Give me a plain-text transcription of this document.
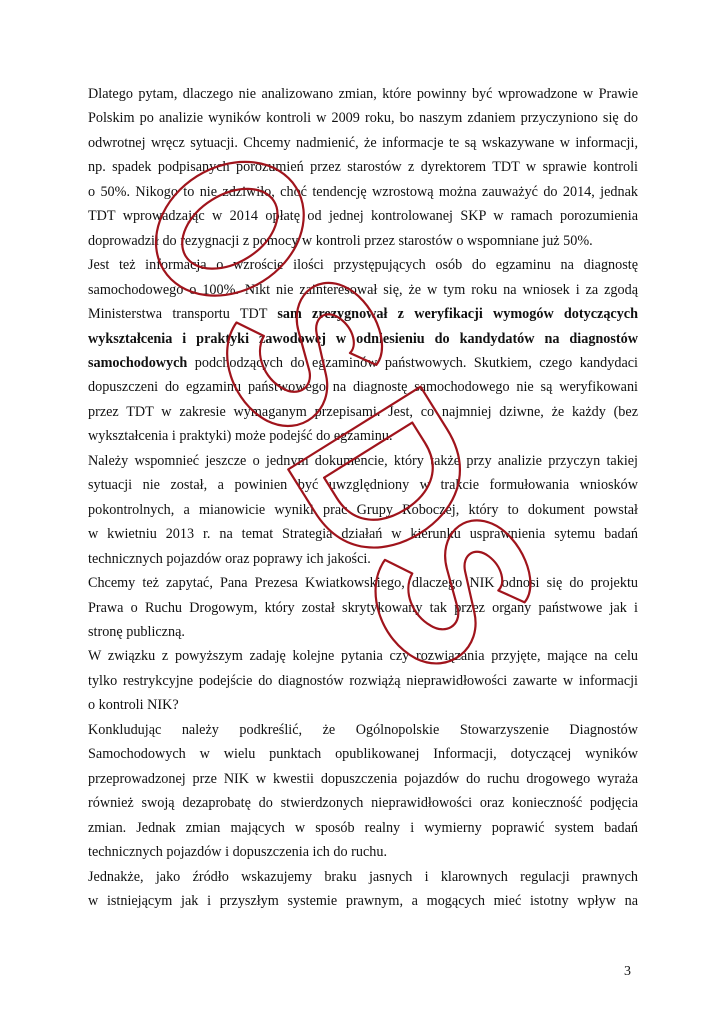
Dlatego pytam, dlaczego nie analizowano zmian, które powinny być wprowadzone w Prawie
Polskim po analizie wyników kontroli w 2009 roku, bo naszym zdaniem przyczyniono się do
odwrotnej wręcz sytuacji. Chcemy nadmienić, że informacje te są wskazywane w informacji,
np. spadek podpisanych porozumień przez starostów z dyrektorem TDT w sprawie kontroli
o 50%. Nikogo to nie zdziwiło, choć tendencję wzrostową można zauważyć do 2014, jednak
TDT wprowadzając w 2014 opłatę od jednej kontrolowanej SKP w ramach porozumienia
doprowadził do rezygnacji z pomocy w kontroli przez starostów o wspomniane już 50%.
Jest też informacja o wzroście ilości przystępujących osób do egzaminu na diagnostę
samochodowego o 100%. Nikt nie zainteresował się, że w tym roku na wniosek i za zgodą
Ministerstwa transportu TDT sam zrezygnował z weryfikacji wymogów dotyczących
wykształcenia i praktyki zawodowej w odniesieniu do kandydatów na diagnostów
samochodowych podchodzących do egzaminów państwowych. Skutkiem, czego kandydaci
dopuszczeni do egzaminu państwowego na diagnostę samochodowego nie są weryfikowani
przez TDT w zakresie wymaganym przepisami. Jest, co najmniej dziwne, że każdy (bez
wykształcenia i praktyki) może podejść do egzaminu.
Należy wspomnieć jeszcze o jednym dokumencie, który także przy analizie przyczyn takiej
sytuacji nie został, a powinien być uwzględniony w trakcie formułowania wniosków
pokontrolnych, a mianowicie wyniki prac Grupy Roboczej, który to dokument powstał
w kwietniu 2013 r. na temat Strategia działań w kierunku usprawnienia sytemu badań
technicznych pojazdów oraz poprawy ich jakości.
Chcemy też zapytać, Pana Prezesa Kwiatkowskiego, dlaczego NIK odnosi się do projektu
Prawa o Ruchu Drogowym, który został skrytykowany tak przez organy państwowe jak i
stronę publiczną.
W związku z powyższym zadaję kolejne pytania czy rozwiązania przyjęte, mające na celu
tylko restrykcyjne podejście do diagnostów rozwiążą nieprawidłowości zawarte w informacji
o kontroli NIK?
Konkludując należy podkreślić, że Ogólnopolskie Stowarzyszenie Diagnostów
Samochodowych w wielu punktach opublikowanej Informacji, dotyczącej wyników
przeprowadzonej prze NIK w kwestii dopuszczenia pojazdów do ruchu drogowego wyraża
również swoją dezaprobatę do stwierdzonych nieprawidłowości oraz konieczność podjęcia
zmian. Jednak zmian mających w sposób realny i wymierny poprawić system badań
technicznych pojazdów i dopuszczenia ich do ruchu.
Jednakże, jako źródło wskazujemy braku jasnych i klarownych regulacji prawnych
w istniejącym jak i przyszłym systemie prawnym, a mogących mieć istotny wpływ na

3
